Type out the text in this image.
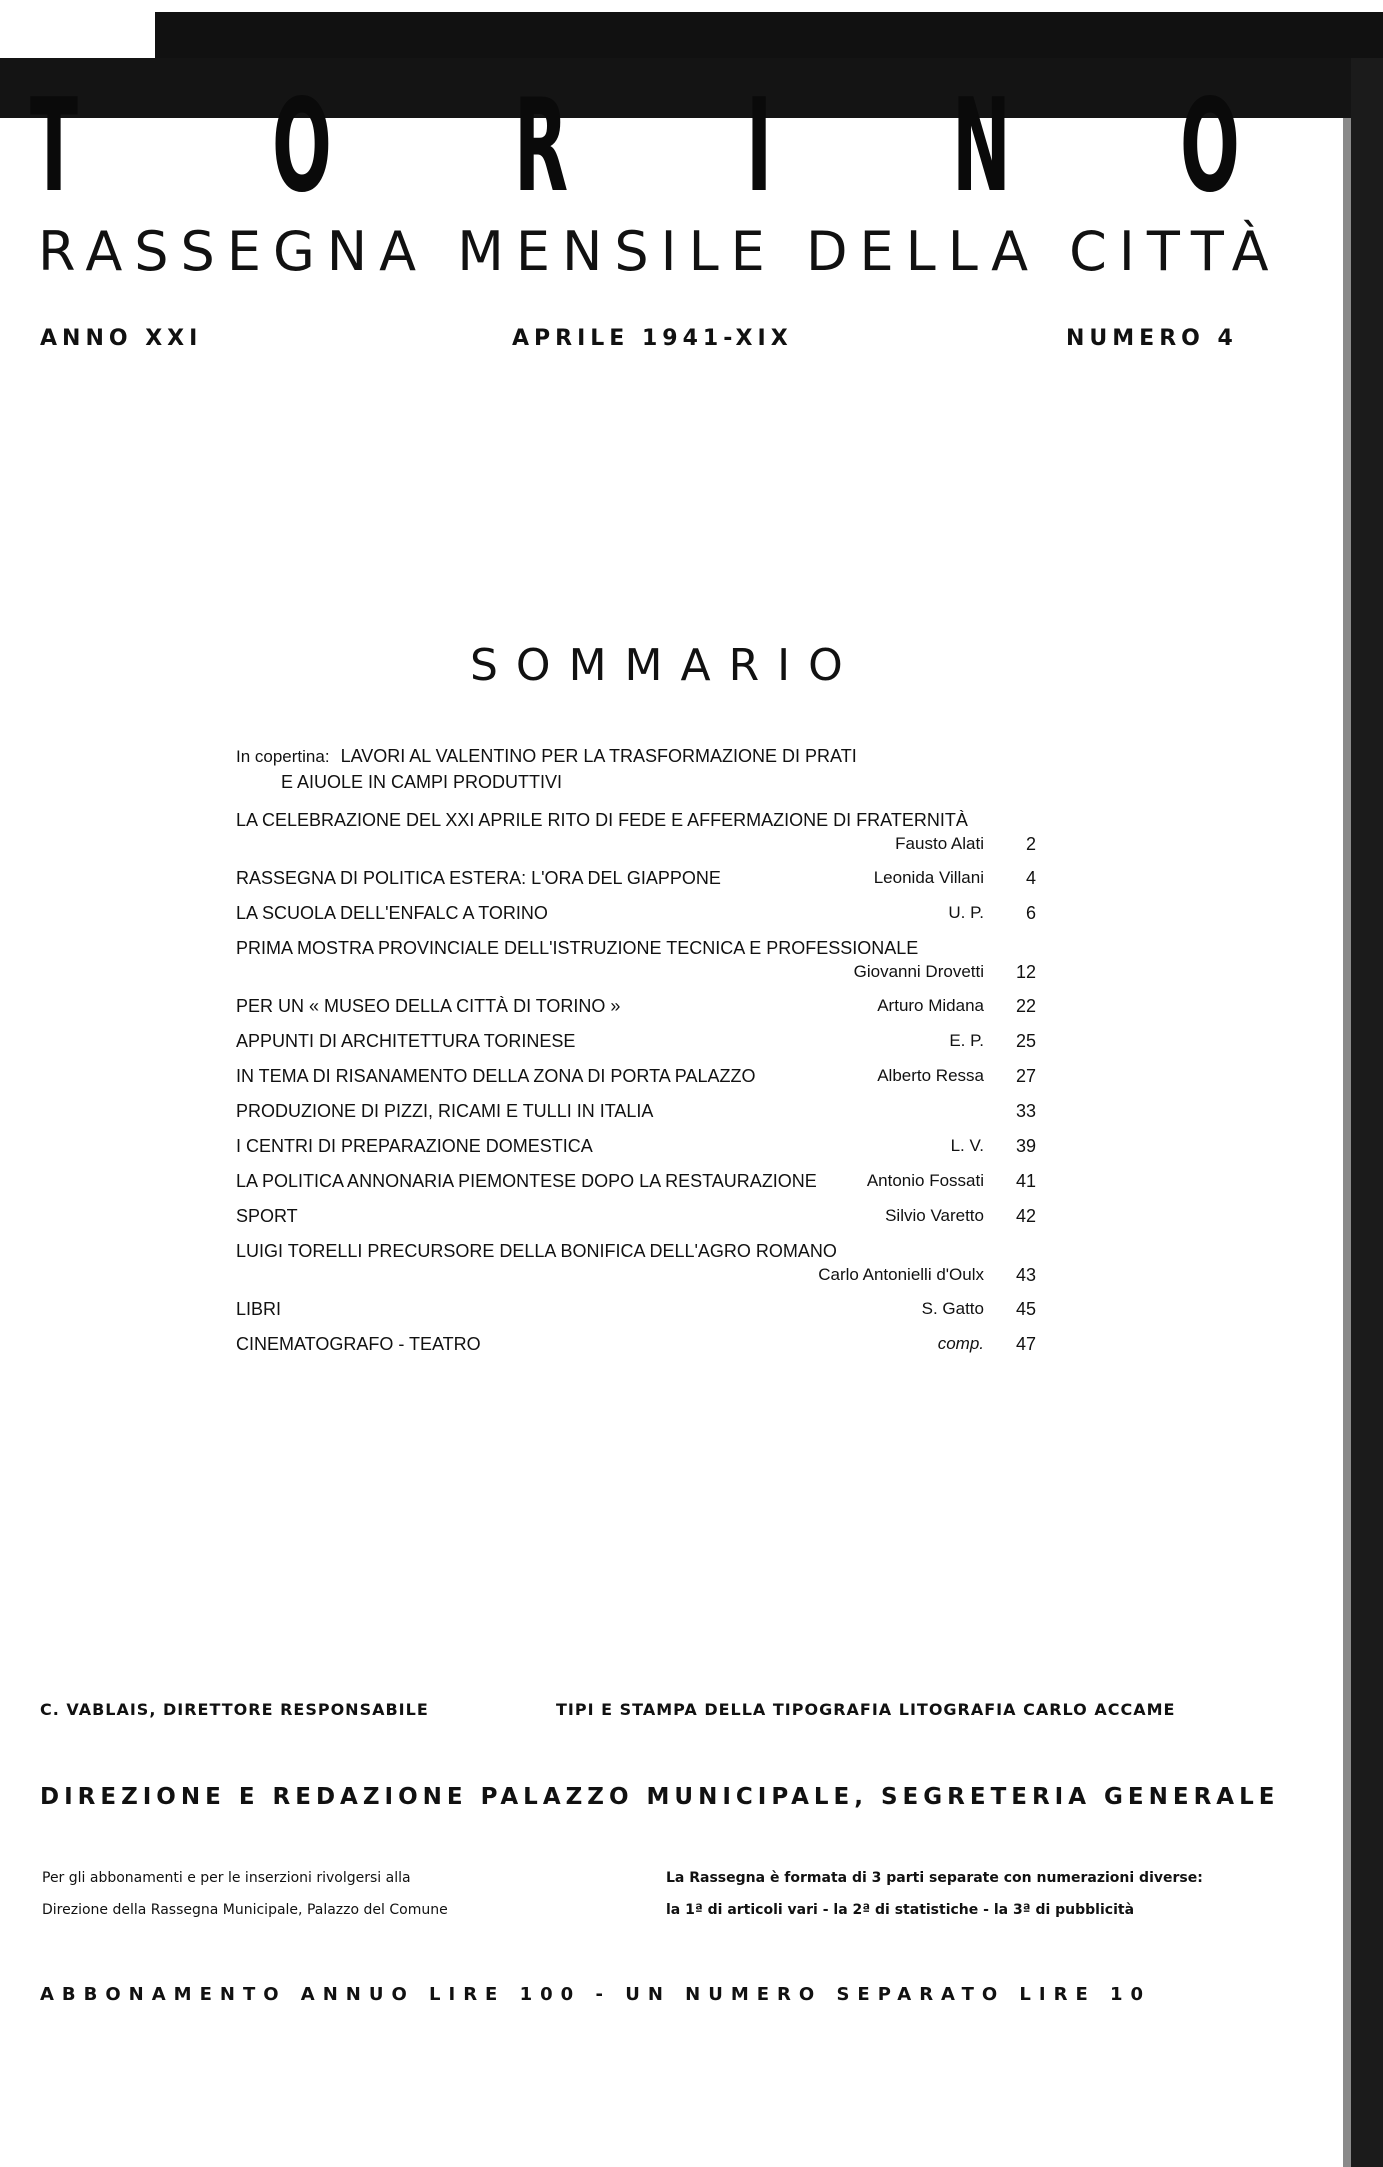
T O R I N O
RASSEGNA MENSILE DELLA CITTÀ
ANNO XXI	APRILE 1941-XIX	NUMERO 4
SOMMARIO
In copertina: LAVORI AL VALENTINO PER LA TRASFORMAZIONE DI PRATI
E AIUOLE IN CAMPI PRODUTTIVI
LA CELEBRAZIONE DEL XXI APRILE RITO DI FEDE E AFFERMAZIONE DI FRATERNITÀ
Fausto Alati	2
RASSEGNA DI POLITICA ESTERA: L'ORA DEL GIAPPONE	Leonida Villani	4
LA SCUOLA DELL'ENFALC A TORINO	U. P.	6
PRIMA MOSTRA PROVINCIALE DELL'ISTRUZIONE TECNICA E PROFESSIONALE
Giovanni Drovetti	12
PER UN « MUSEO DELLA CITTÀ DI TORINO »	Arturo Midana	22
APPUNTI DI ARCHITETTURA TORINESE	E. P.	25
IN TEMA DI RISANAMENTO DELLA ZONA DI PORTA PALAZZO	Alberto Ressa	27
PRODUZIONE DI PIZZI, RICAMI E TULLI IN ITALIA	33
I CENTRI DI PREPARAZIONE DOMESTICA	L. V.	39
LA POLITICA ANNONARIA PIEMONTESE DOPO LA RESTAURAZIONE	Antonio Fossati	41
SPORT	Silvio Varetto	42
LUIGI TORELLI PRECURSORE DELLA BONIFICA DELL'AGRO ROMANO
Carlo Antonielli d'Oulx	43
LIBRI	S. Gatto	45
CINEMATOGRAFO - TEATRO	comp.	47
C. VABLAIS, DIRETTORE RESPONSABILE	TIPI E STAMPA DELLA TIPOGRAFIA LITOGRAFIA CARLO ACCAME
DIREZIONE E REDAZIONE PALAZZO MUNICIPALE, SEGRETERIA GENERALE
Per gli abbonamenti e per le inserzioni rivolgersi alla
Direzione della Rassegna Municipale, Palazzo del Comune
La Rassegna è formata di 3 parti separate con numerazioni diverse:
la 1ª di articoli vari - la 2ª di statistiche - la 3ª di pubblicità
ABBONAMENTO ANNUO LIRE 100 - UN NUMERO SEPARATO LIRE 10
